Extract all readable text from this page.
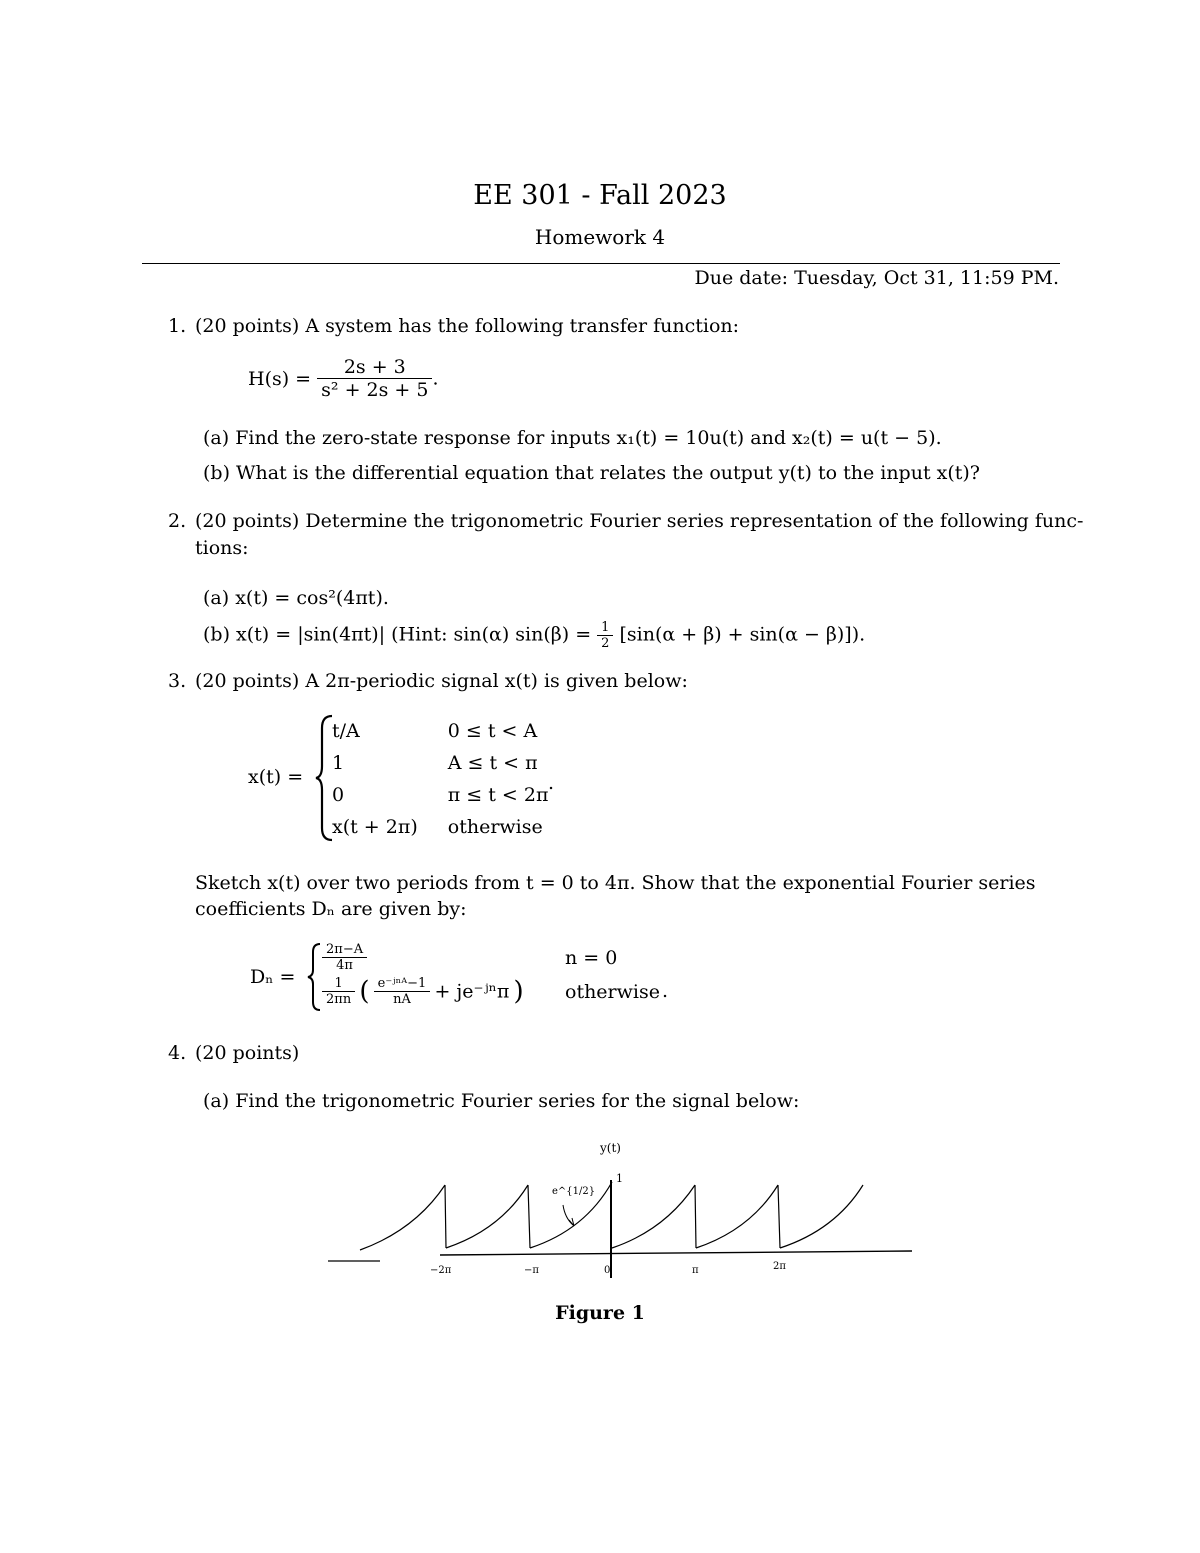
EE 301 - Fall 2023
Homework 4
Due date: Tuesday, Oct 31, 11:59 PM.
1. (20 points) A system has the following transfer function:
$H(s) = \frac{2s + 3}{\text{s² + 2s + 5}}$ .
(a) Find the zero-state response for inputs x₁(t) = 10u(t) and x₂(t) = u(t − 5).
(b) What is the differential equation that relates the output y(t) to the input x(t)?
2. (20 points) Determine the trigonometric Fourier series representation of the following func-
tions:
(a) x(t) = cos²(4πt).
(b) x(t) = |sin(4πt)| (Hint: sin(α) $\sin(\beta) = \frac{1}{2} [\sin(\alpha + \beta) + \sin(\alpha - \beta)]$).
3. (20 points) A 2π-periodic signal x(t) is given below:
x(t) =
t/A	0 ≤ t < A
1	A ≤ t < π
0	π ≤ t < 2π
x(t + 2π)	otherwise
.
Sketch x(t) over two periods from t = 0 to 4π. Show that the exponential Fourier series
coefficients Dₙ are given by:
Dₙ =
$\frac{2\pi-A}{4\pi}$	n = 0
$\frac{1}{2\pi n}$ ( $\frac{\text{e⁻ʲⁿᴬ−1}}{nA}$ + je⁻ʲⁿπ ) otherwise .
4. (20 points)
(a) Find the trigonometric Fourier series for the signal below:
e^{1/2}
y(t)
1
−2π	−π	0	π	2π
Figure 1
